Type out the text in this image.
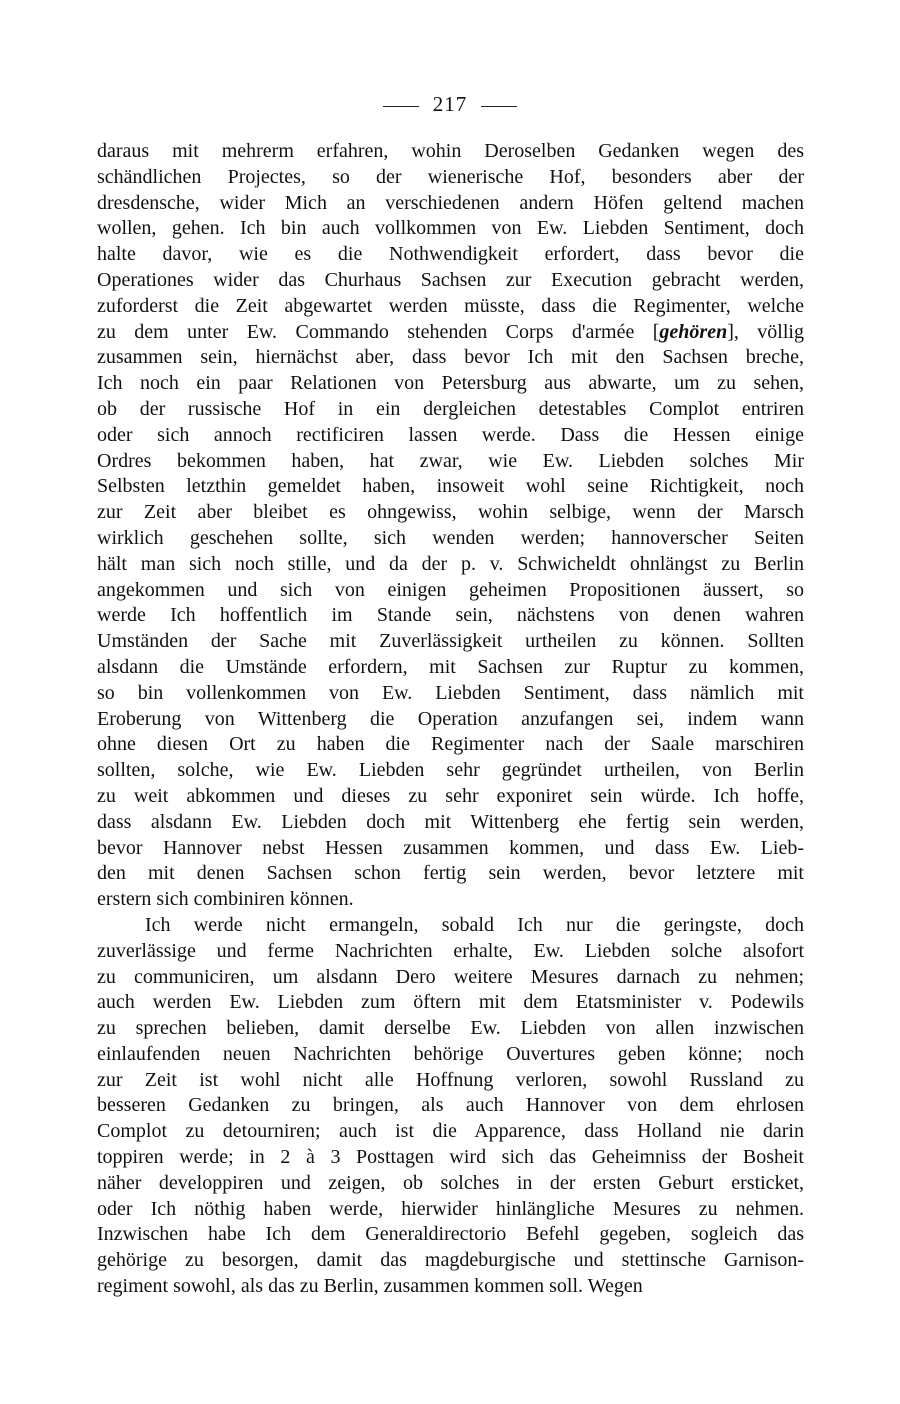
217
daraus mit mehrerm erfahren, wohin Deroselben Gedanken wegen des
schändlichen Projectes, so der wienerische Hof, besonders aber der
dresdensche, wider Mich an verschiedenen andern Höfen geltend machen
wollen, gehen. Ich bin auch vollkommen von Ew. Liebden Sentiment, doch
halte davor, wie es die Nothwendigkeit erfordert, dass bevor die
Operationes wider das Churhaus Sachsen zur Execution gebracht werden,
zuforderst die Zeit abgewartet werden müsste, dass die Regimenter, welche
zu dem unter Ew. Commando stehenden Corps d'armée [gehören], völlig
zusammen sein, hiernächst aber, dass bevor Ich mit den Sachsen breche,
Ich noch ein paar Relationen von Petersburg aus abwarte, um zu sehen,
ob der russische Hof in ein dergleichen detestables Complot entriren
oder sich annoch rectificiren lassen werde. Dass die Hessen einige
Ordres bekommen haben, hat zwar, wie Ew. Liebden solches Mir
Selbsten letzthin gemeldet haben, insoweit wohl seine Richtigkeit, noch
zur Zeit aber bleibet es ohngewiss, wohin selbige, wenn der Marsch
wirklich geschehen sollte, sich wenden werden; hannoverscher Seiten
hält man sich noch stille, und da der p. v. Schwicheldt ohnlängst zu Berlin
angekommen und sich von einigen geheimen Propositionen äussert, so
werde Ich hoffentlich im Stande sein, nächstens von denen wahren
Umständen der Sache mit Zuverlässigkeit urtheilen zu können. Sollten
alsdann die Umstände erfordern, mit Sachsen zur Ruptur zu kommen,
so bin vollenkommen von Ew. Liebden Sentiment, dass nämlich mit
Eroberung von Wittenberg die Operation anzufangen sei, indem wann
ohne diesen Ort zu haben die Regimenter nach der Saale marschiren
sollten, solche, wie Ew. Liebden sehr gegründet urtheilen, von Berlin
zu weit abkommen und dieses zu sehr exponiret sein würde. Ich hoffe,
dass alsdann Ew. Liebden doch mit Wittenberg ehe fertig sein werden,
bevor Hannover nebst Hessen zusammen kommen, und dass Ew. Lieb-
den mit denen Sachsen schon fertig sein werden, bevor letztere mit
erstern sich combiniren können.
Ich werde nicht ermangeln, sobald Ich nur die geringste, doch
zuverlässige und ferme Nachrichten erhalte, Ew. Liebden solche alsofort
zu communiciren, um alsdann Dero weitere Mesures darnach zu nehmen;
auch werden Ew. Liebden zum öftern mit dem Etatsminister v. Podewils
zu sprechen belieben, damit derselbe Ew. Liebden von allen inzwischen
einlaufenden neuen Nachrichten behörige Ouvertures geben könne; noch
zur Zeit ist wohl nicht alle Hoffnung verloren, sowohl Russland zu
besseren Gedanken zu bringen, als auch Hannover von dem ehrlosen
Complot zu detourniren; auch ist die Apparence, dass Holland nie darin
toppiren werde; in 2 à 3 Posttagen wird sich das Geheimniss der Bosheit
näher developpiren und zeigen, ob solches in der ersten Geburt ersticket,
oder Ich nöthig haben werde, hierwider hinlängliche Mesures zu nehmen.
Inzwischen habe Ich dem Generaldirectorio Befehl gegeben, sogleich das
gehörige zu besorgen, damit das magdeburgische und stettinsche Garnison-
regiment sowohl, als das zu Berlin, zusammen kommen soll. Wegen
